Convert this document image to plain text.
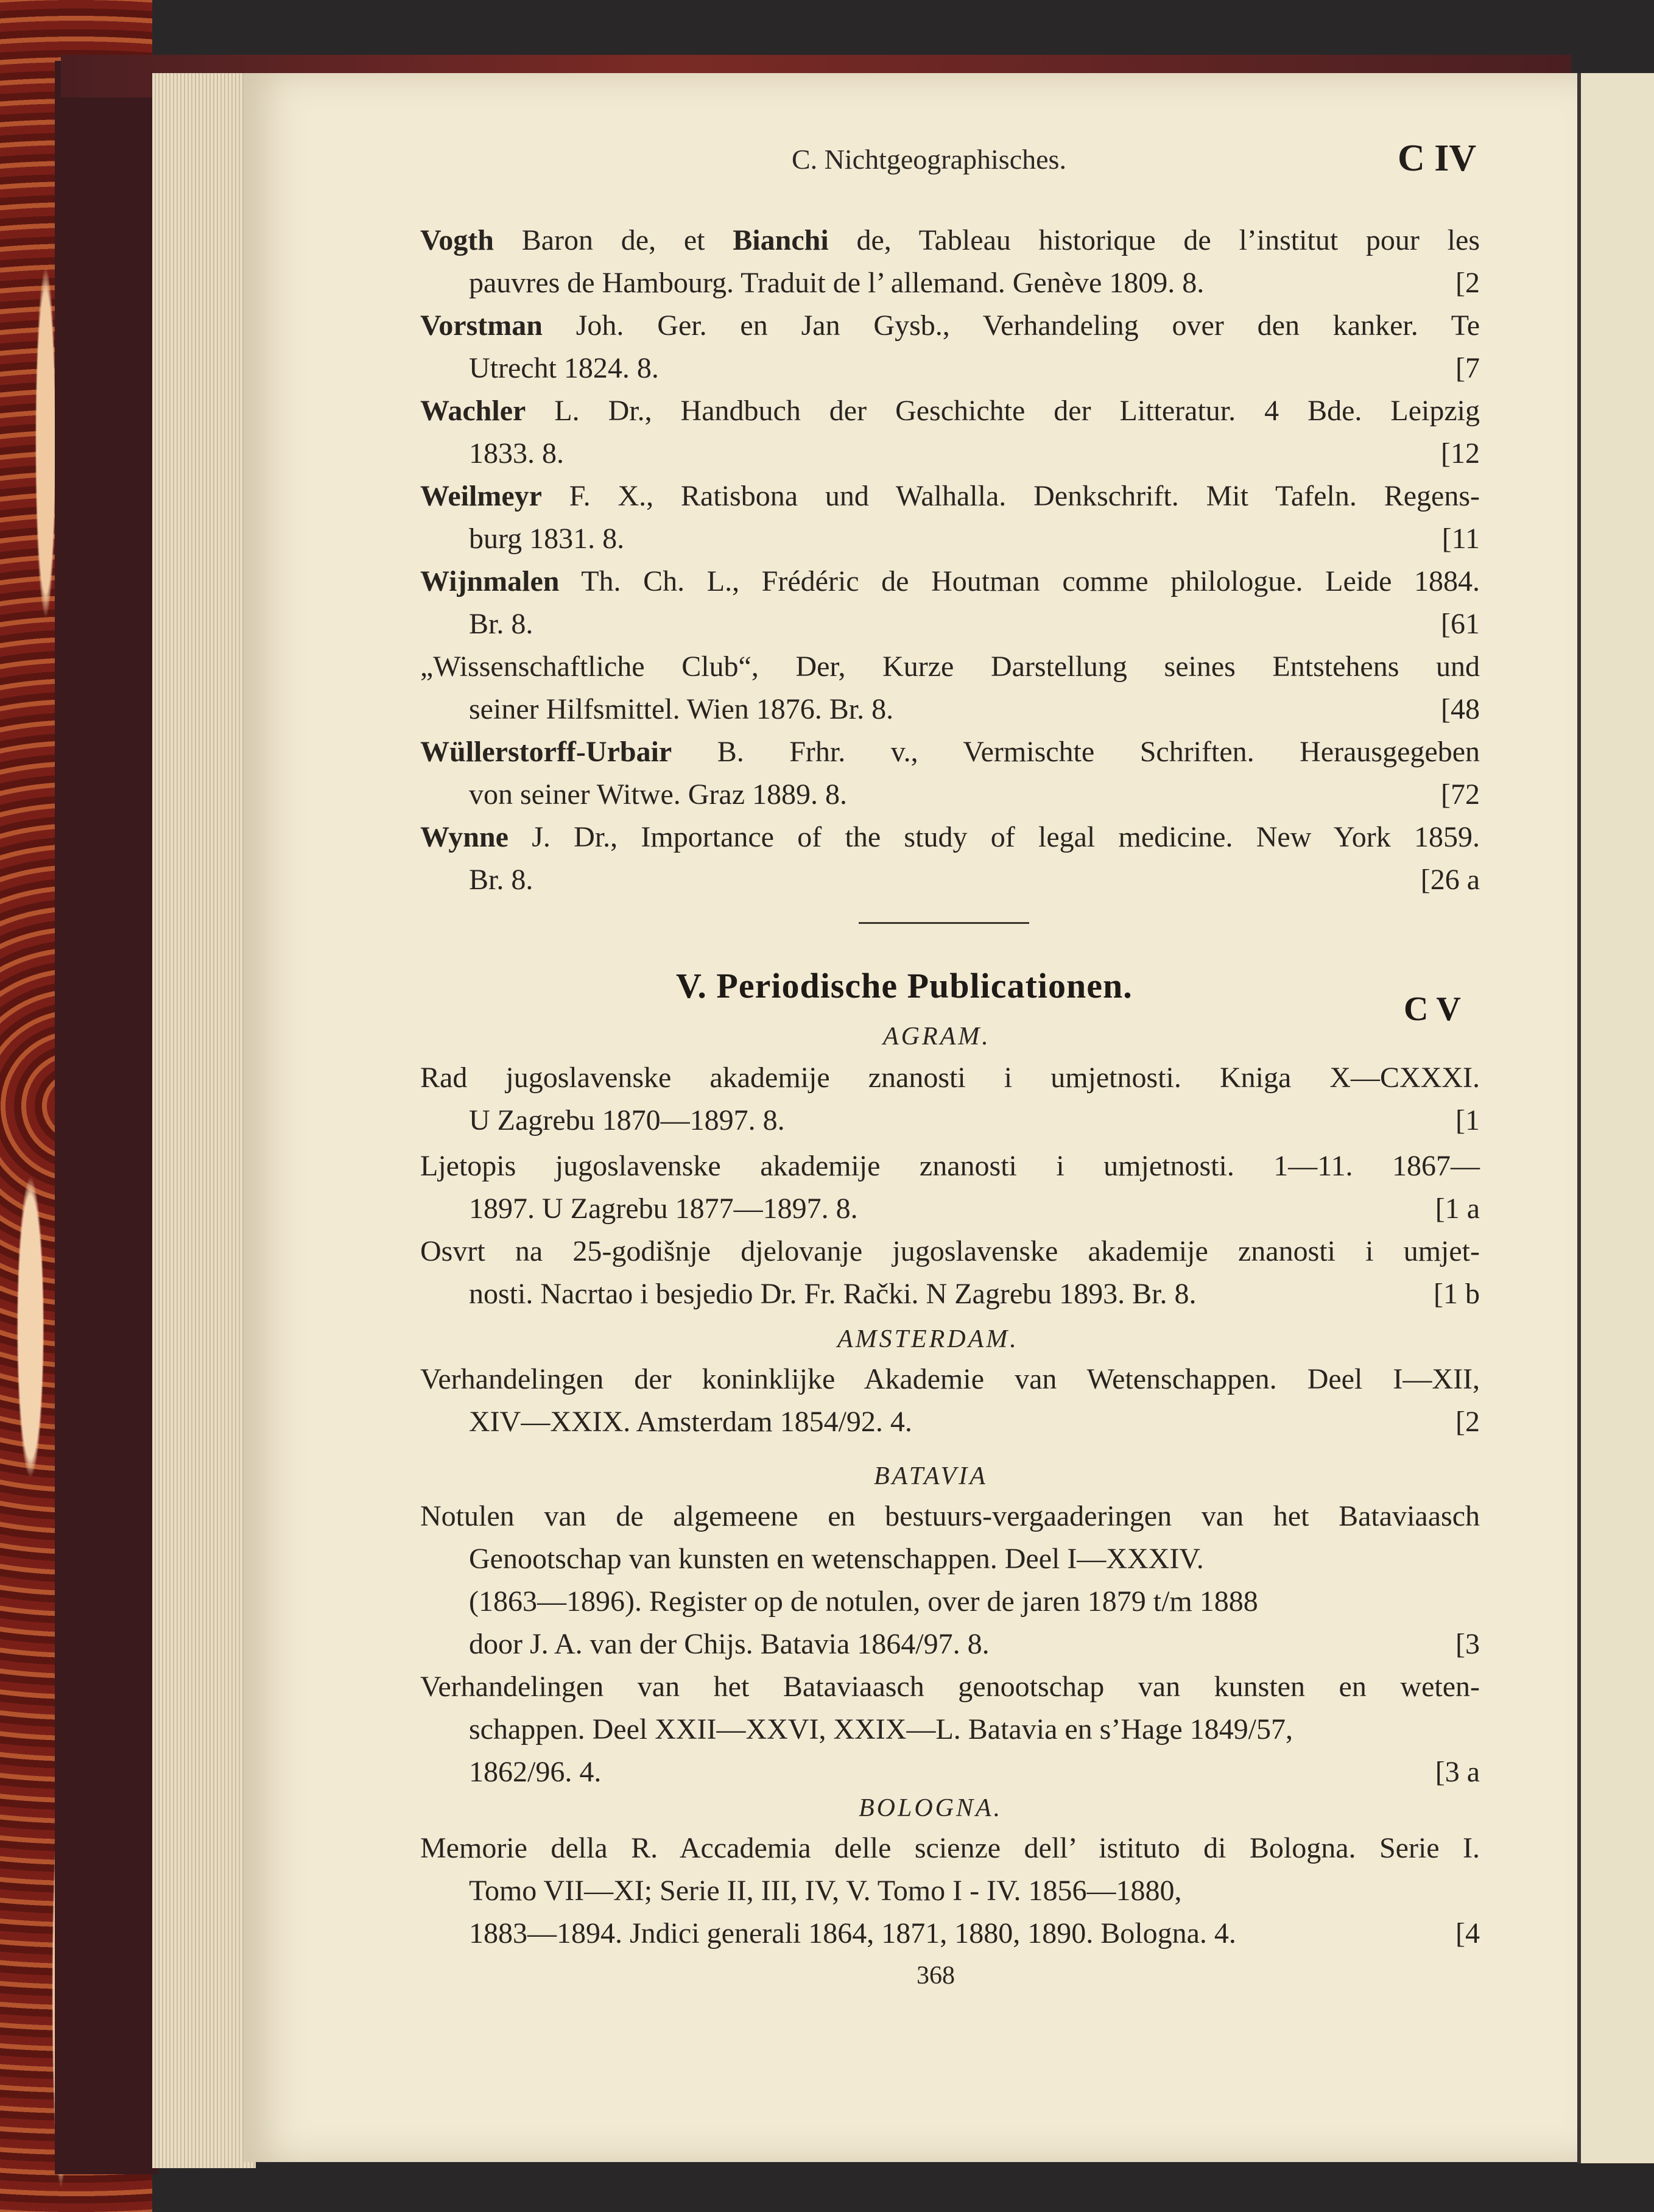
C. Nichtgeographisches.	C IV
Vogth Baron de, et Bianchi de, Tableau historique de l’institut pour les
pauvres de Hambourg. Traduit de l’ allemand. Genève 1809. 8.	[2
Vorstman Joh. Ger. en Jan Gysb., Verhandeling over den kanker. Te
Utrecht 1824. 8.	[7
Wachler L. Dr., Handbuch der Geschichte der Litteratur. 4 Bde. Leipzig
1833. 8.	[12
Weilmeyr F. X., Ratisbona und Walhalla. Denkschrift. Mit Tafeln. Regens-
burg 1831. 8.	[11
Wijnmalen Th. Ch. L., Frédéric de Houtman comme philologue. Leide 1884.
Br. 8.	[61
„Wissenschaftliche Club“, Der, Kurze Darstellung seines Entstehens und
seiner Hilfsmittel. Wien 1876. Br. 8.	[48
Wüllerstorff-Urbair B. Frhr. v., Vermischte Schriften. Herausgegeben
von seiner Witwe. Graz 1889. 8.	[72
Wynne J. Dr., Importance of the study of legal medicine. New York 1859.
Br. 8.	[26 a
V. Periodische Publicationen.
C V
AGRAM.
Rad jugoslavenske akademije znanosti i umjetnosti. Kniga X—CXXXI.
U Zagrebu 1870—1897. 8.	[1
Ljetopis jugoslavenske akademije znanosti i umjetnosti. 1—11. 1867—
1897. U Zagrebu 1877—1897. 8.	[1 a
Osvrt na 25-godišnje djelovanje jugoslavenske akademije znanosti i umjet-
nosti. Nacrtao i besjedio Dr. Fr. Rački. N Zagrebu 1893. Br. 8.	[1 b
AMSTERDAM.
Verhandelingen der koninklijke Akademie van Wetenschappen. Deel I—XII,
XIV—XXIX. Amsterdam 1854/92. 4.	[2
BATAVIA
Notulen van de algemeene en bestuurs-vergaaderingen van het Bataviaasch
Genootschap van kunsten en wetenschappen. Deel I—XXXIV.
(1863—1896). Register op de notulen, over de jaren 1879 t/m 1888
door J. A. van der Chijs. Batavia 1864/97. 8.	[3
Verhandelingen van het Bataviaasch genootschap van kunsten en weten-
schappen. Deel XXII—XXVI, XXIX—L. Batavia en s’Hage 1849/57,
1862/96. 4.	[3 a
BOLOGNA.
Memorie della R. Accademia delle scienze dell’ istituto di Bologna. Serie I.
Tomo VII—XI; Serie II, III, IV, V. Tomo I - IV. 1856—1880,
1883—1894. Jndici generali 1864, 1871, 1880, 1890. Bologna. 4.	[4
368
